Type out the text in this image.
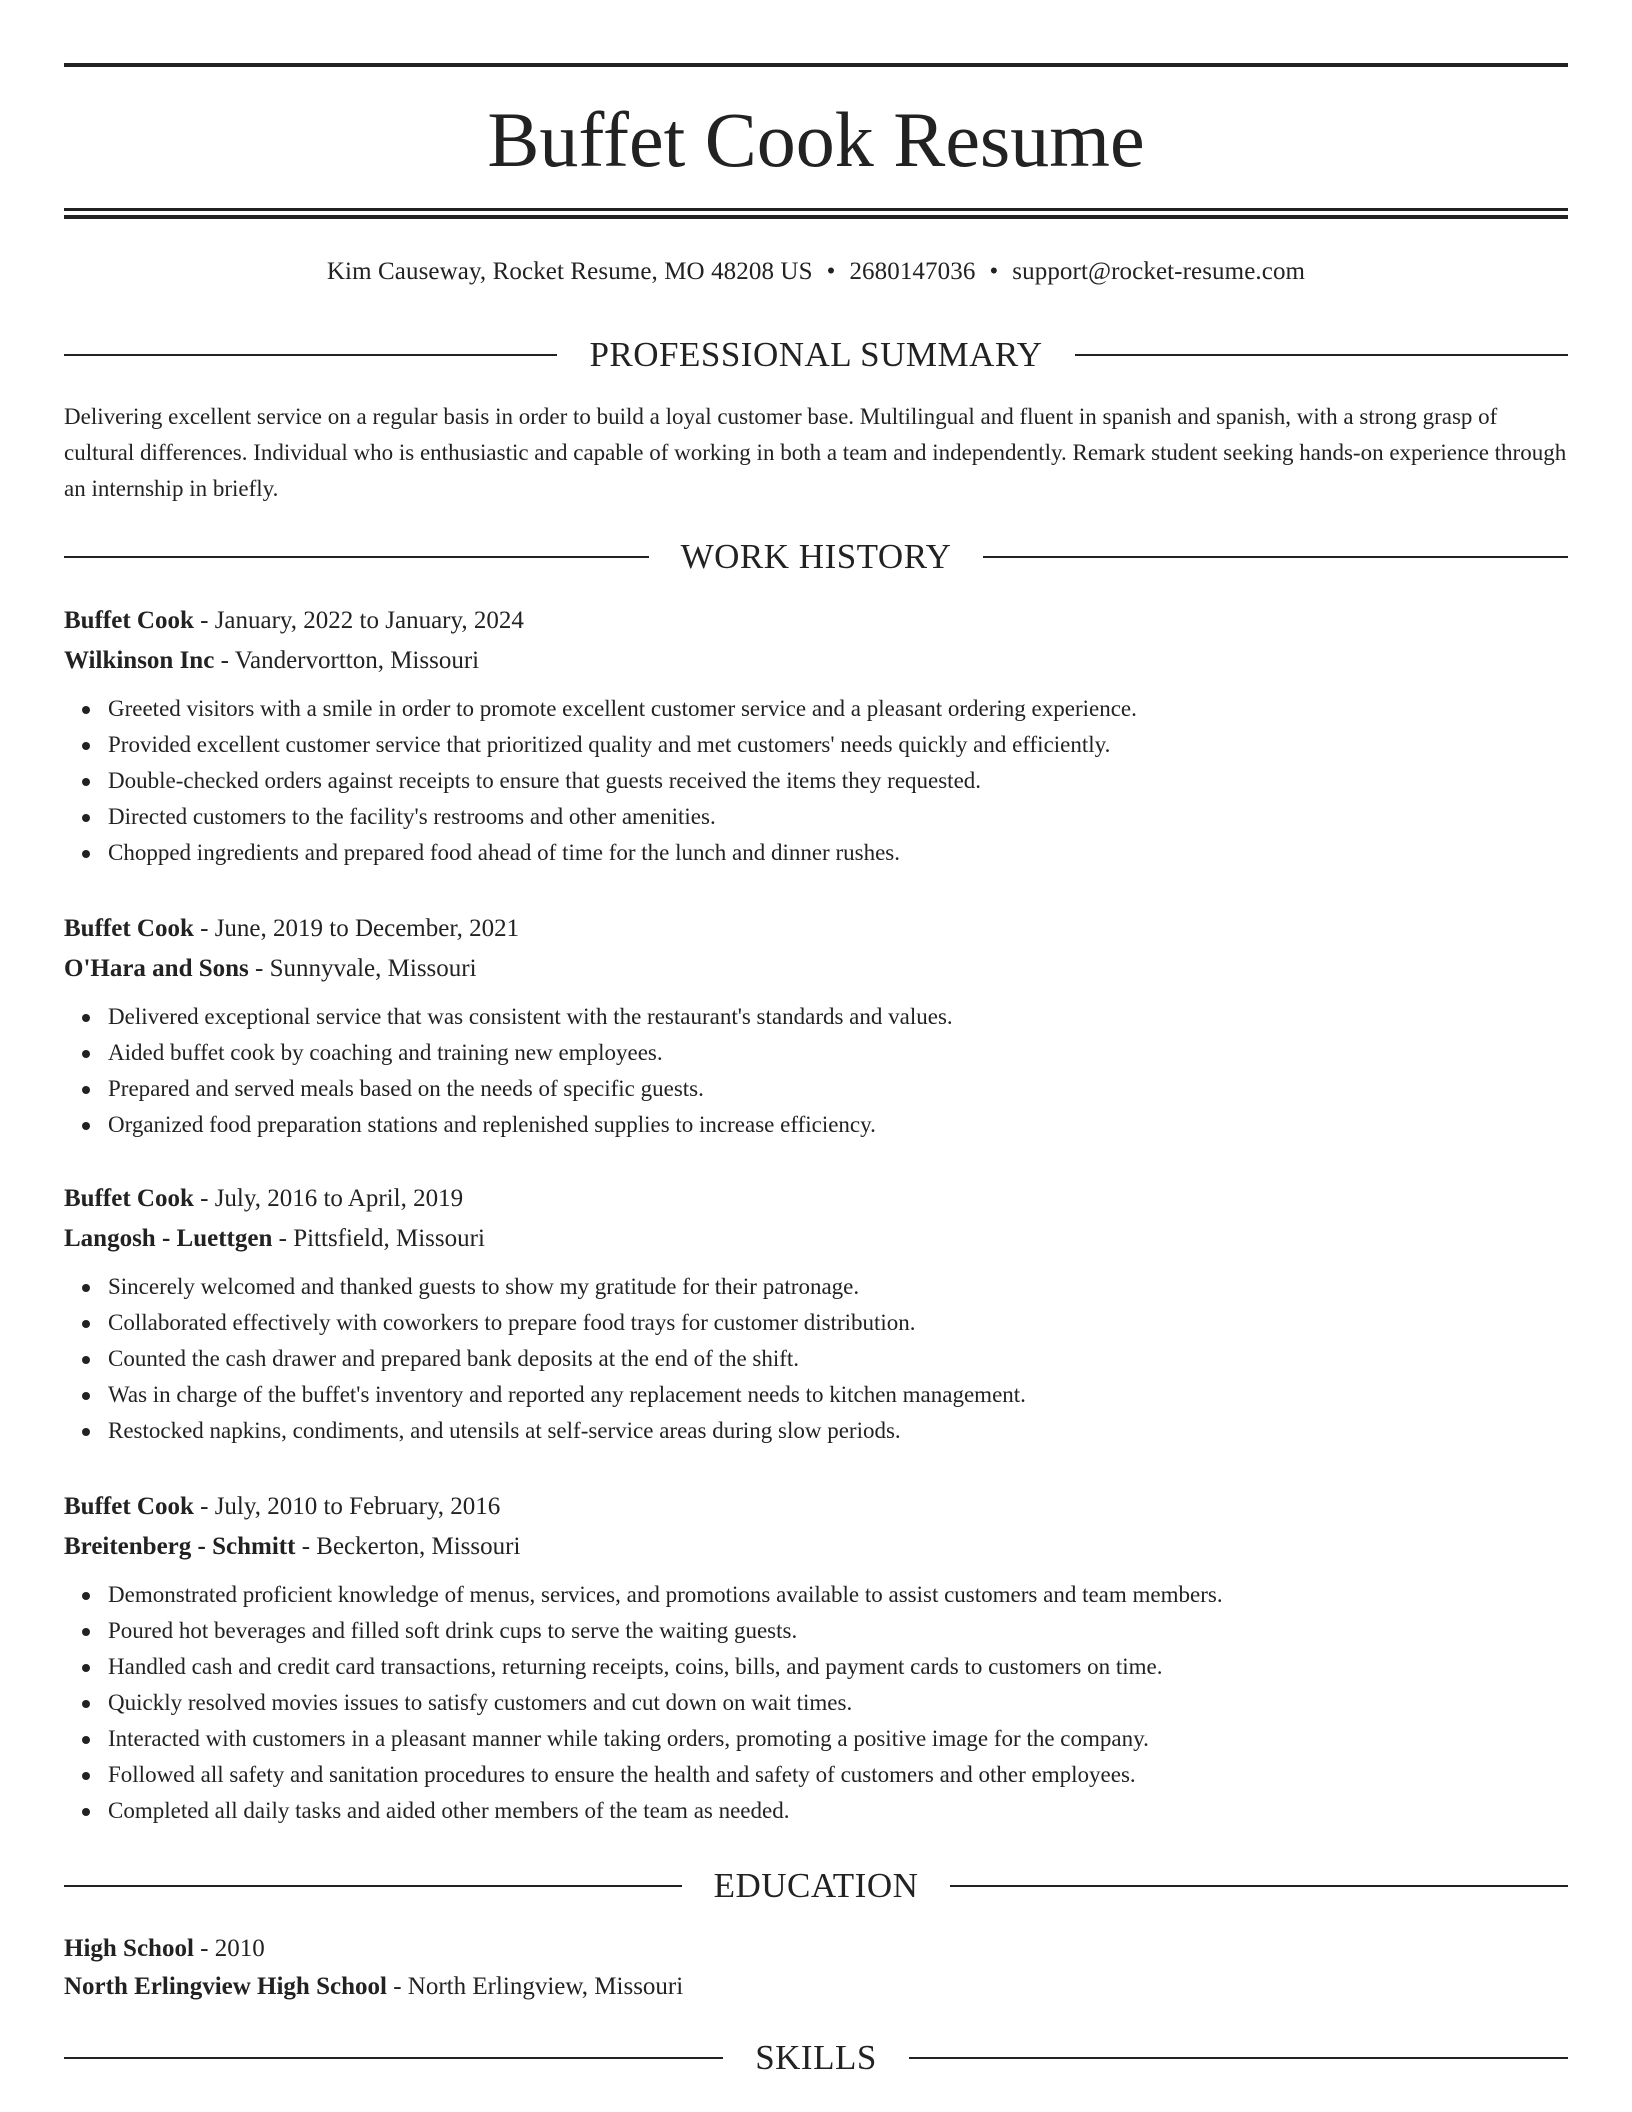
Buffet Cook Resume
Kim Causeway, Rocket Resume, MO 48208 US • 2680147036 • support@rocket-resume.com
PROFESSIONAL SUMMARY

Delivering excellent service on a regular basis in order to build a loyal customer base. Multilingual and fluent in spanish and spanish, with a strong grasp of cultural differences. Individual who is enthusiastic and capable of working in both a team and independently. Remark student seeking hands-on experience through an internship in briefly.

WORK HISTORY
Buffet Cook - January, 2022 to January, 2024
Wilkinson Inc - Vandervortton, Missouri
Greeted visitors with a smile in order to promote excellent customer service and a pleasant ordering experience.
Provided excellent customer service that prioritized quality and met customers' needs quickly and efficiently.
Double-checked orders against receipts to ensure that guests received the items they requested.
Directed customers to the facility's restrooms and other amenities.
Chopped ingredients and prepared food ahead of time for the lunch and dinner rushes.
Buffet Cook - June, 2019 to December, 2021
O'Hara and Sons - Sunnyvale, Missouri
Delivered exceptional service that was consistent with the restaurant's standards and values.
Aided buffet cook by coaching and training new employees.
Prepared and served meals based on the needs of specific guests.
Organized food preparation stations and replenished supplies to increase efficiency.
Buffet Cook - July, 2016 to April, 2019
Langosh - Luettgen - Pittsfield, Missouri
Sincerely welcomed and thanked guests to show my gratitude for their patronage.
Collaborated effectively with coworkers to prepare food trays for customer distribution.
Counted the cash drawer and prepared bank deposits at the end of the shift.
Was in charge of the buffet's inventory and reported any replacement needs to kitchen management.
Restocked napkins, condiments, and utensils at self-service areas during slow periods.
Buffet Cook - July, 2010 to February, 2016
Breitenberg - Schmitt - Beckerton, Missouri
Demonstrated proficient knowledge of menus, services, and promotions available to assist customers and team members.
Poured hot beverages and filled soft drink cups to serve the waiting guests.
Handled cash and credit card transactions, returning receipts, coins, bills, and payment cards to customers on time.
Quickly resolved movies issues to satisfy customers and cut down on wait times.
Interacted with customers in a pleasant manner while taking orders, promoting a positive image for the company.
Followed all safety and sanitation procedures to ensure the health and safety of customers and other employees.
Completed all daily tasks and aided other members of the team as needed.
EDUCATION
High School - 2010
North Erlingview High School - North Erlingview, Missouri
SKILLS
